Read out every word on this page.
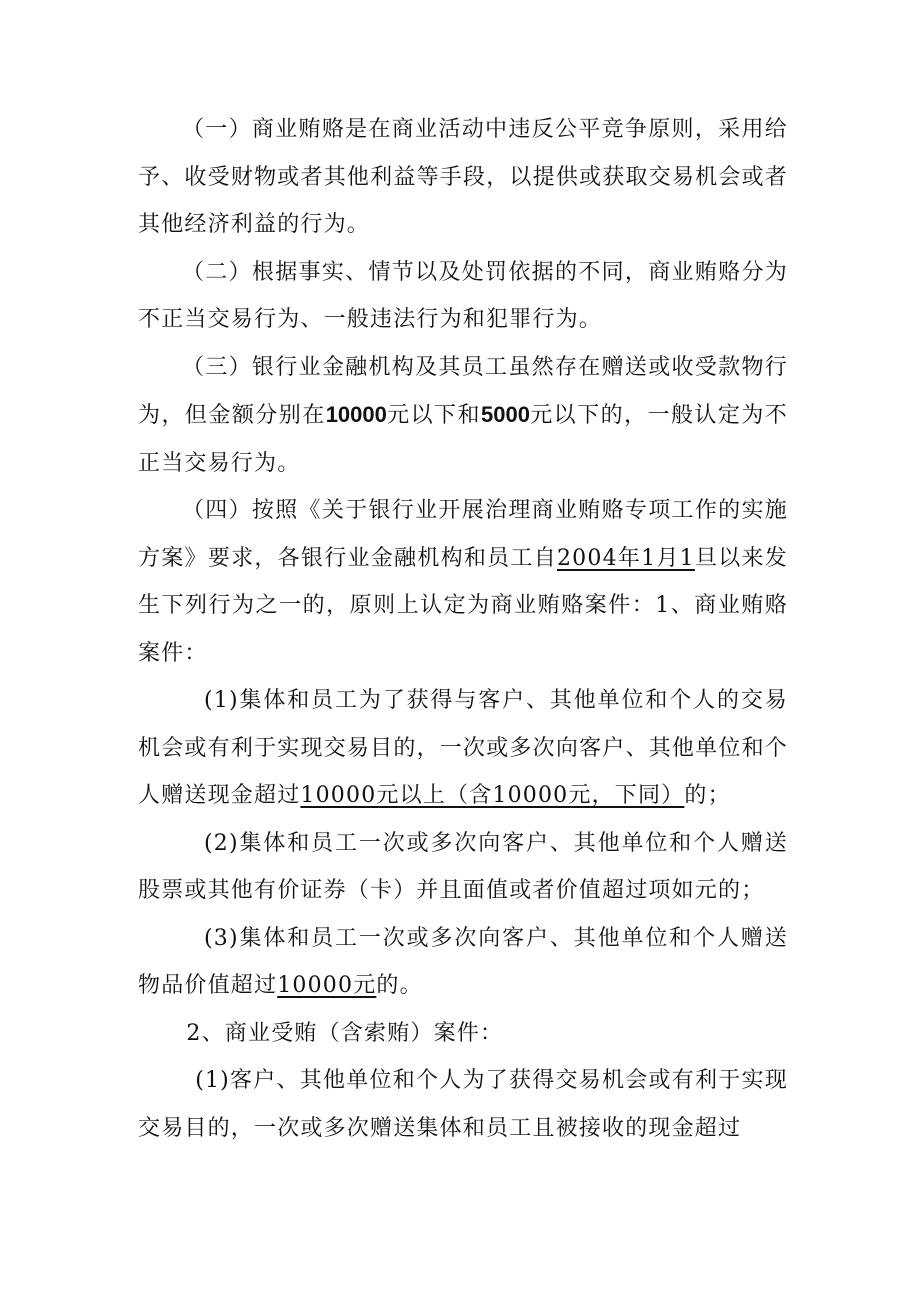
（一）商业贿赂是在商业活动中违反公平竞争原则，采用给予、收受财物或者其他利益等手段，以提供或获取交易机会或者其他经济利益的行为。

（二）根据事实、情节以及处罚依据的不同，商业贿赂分为不正当交易行为、一般违法行为和犯罪行为。

（三）银行业金融机构及其员工虽然存在赠送或收受款物行为，但金额分别在10000元以下和5000元以下的，一般认定为不正当交易行为。

（四）按照《关于银行业开展治理商业贿赂专项工作的实施方案》要求，各银行业金融机构和员工自2004年1月1旦以来发生下列行为之一的，原则上认定为商业贿赂案件：1、商业贿赂案件：

(1)集体和员工为了获得与客户、其他单位和个人的交易机会或有利于实现交易目的，一次或多次向客户、其他单位和个人赠送现金超过10000元以上（含10000元，下同）的；

(2)集体和员工一次或多次向客户、其他单位和个人赠送股票或其他有价证券（卡）并且面值或者价值超过项如元的；

(3)集体和员工一次或多次向客户、其他单位和个人赠送物品价值超过10000元的。

2、商业受贿（含索贿）案件：

(1)客户、其他单位和个人为了获得交易机会或有利于实现交易目的，一次或多次赠送集体和员工且被接收的现金超过
